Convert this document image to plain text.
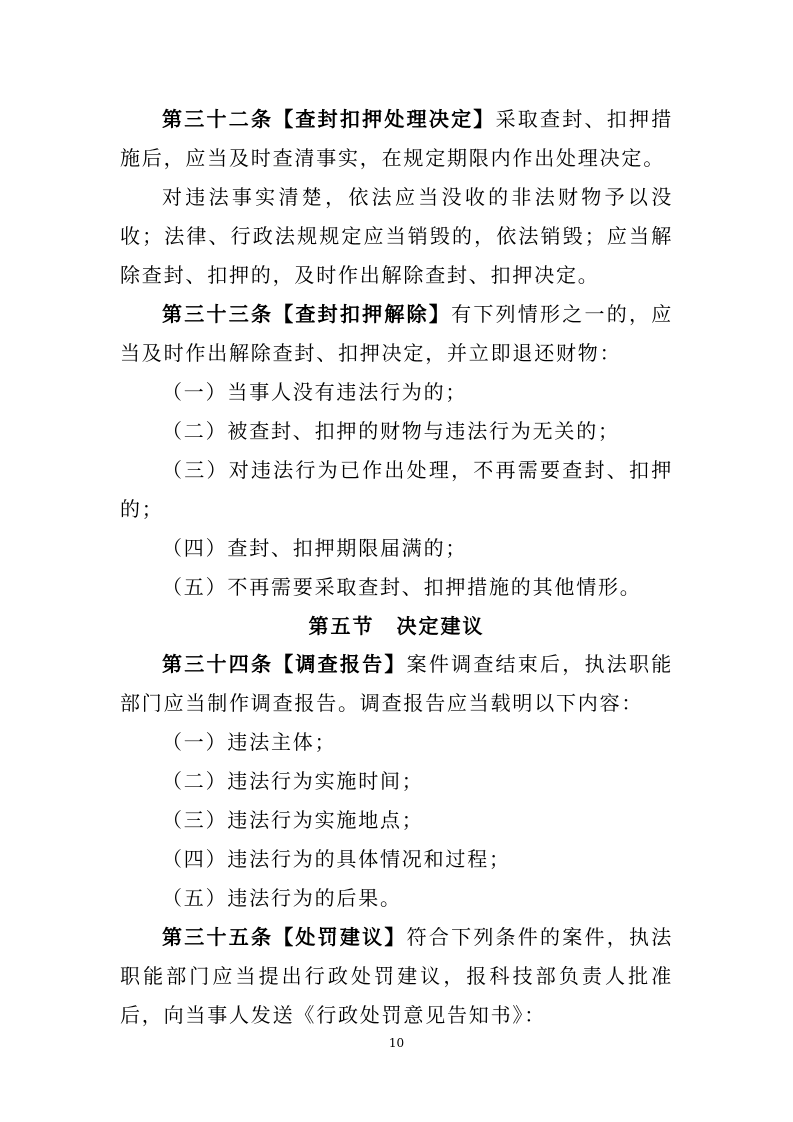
第三十二条【查封扣押处理决定】采取查封、扣押措施后，应当及时查清事实，在规定期限内作出处理决定。

对违法事实清楚，依法应当没收的非法财物予以没收；法律、行政法规规定应当销毁的，依法销毁；应当解除查封、扣押的，及时作出解除查封、扣押决定。

第三十三条【查封扣押解除】有下列情形之一的，应当及时作出解除查封、扣押决定，并立即退还财物：

（一）当事人没有违法行为的；

（二）被查封、扣押的财物与违法行为无关的；

（三）对违法行为已作出处理，不再需要查封、扣押的；

（四）查封、扣押期限届满的；

（五）不再需要采取查封、扣押措施的其他情形。

第五节 决定建议

第三十四条【调查报告】案件调查结束后，执法职能部门应当制作调查报告。调查报告应当载明以下内容：

（一）违法主体；

（二）违法行为实施时间；

（三）违法行为实施地点；

（四）违法行为的具体情况和过程；

（五）违法行为的后果。

第三十五条【处罚建议】符合下列条件的案件，执法职能部门应当提出行政处罚建议，报科技部负责人批准后，向当事人发送《行政处罚意见告知书》：

10
